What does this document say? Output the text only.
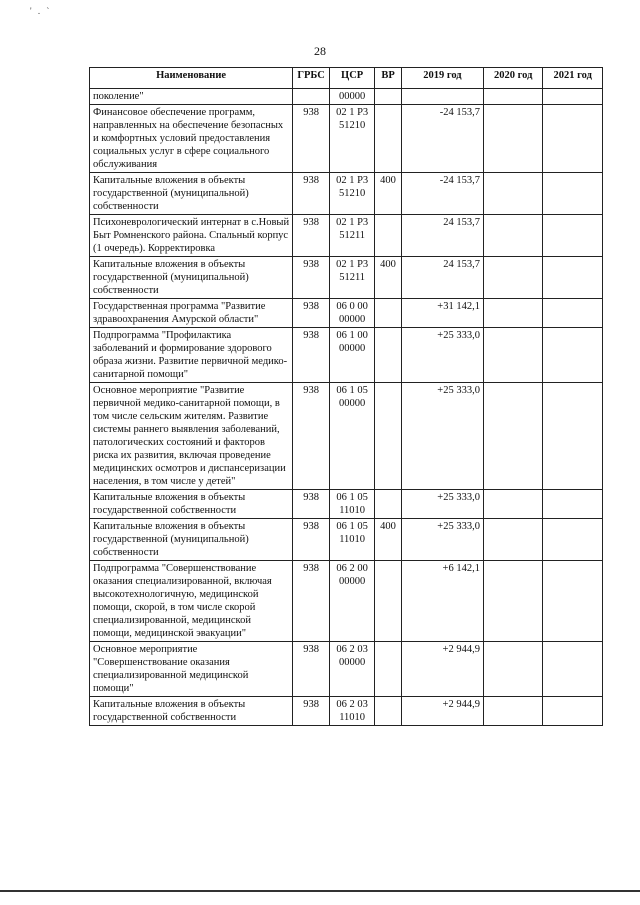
' . `
28
Наименование	ГРБС	ЦСР	ВР	2019 год	2020 год	2021 год
поколение"		00000				
Финансовое обеспечение программ, направленных на обеспечение безопасных и комфортных условий предоставления социальных услуг в сфере социального обслуживания	938	02 1 Р3 51210		-24 153,7		
Капитальные вложения в объекты государственной (муниципальной) собственности	938	02 1 Р3 51210	400	-24 153,7		
Психоневрологический интернат в с.Новый Быт Ромненского района. Спальный корпус (1 очередь). Корректировка	938	02 1 Р3 51211		24 153,7		
Капитальные вложения в объекты государственной (муниципальной) собственности	938	02 1 Р3 51211	400	24 153,7		
Государственная программа "Развитие здравоохранения Амурской области"	938	06 0 00 00000		+31 142,1		
Подпрограмма "Профилактика заболеваний и формирование здорового образа жизни. Развитие первичной медико-санитарной помощи"	938	06 1 00 00000		+25 333,0		
Основное мероприятие "Развитие первичной медико-санитарной помощи, в том числе сельским жителям. Развитие системы раннего выявления заболеваний, патологических состояний и факторов риска их развития, включая проведение медицинских осмотров и диспансеризации населения, в том числе у детей"	938	06 1 05 00000		+25 333,0		
Капитальные вложения в объекты государственной собственности	938	06 1 05 11010		+25 333,0		
Капитальные вложения в объекты государственной (муниципальной) собственности	938	06 1 05 11010	400	+25 333,0		
Подпрограмма "Совершенствование оказания специализированной, включая высокотехнологичную, медицинской помощи, скорой, в том числе скорой специализированной, медицинской помощи, медицинской эвакуации"	938	06 2 00 00000		+6 142,1		
Основное мероприятие "Совершенствование оказания специализированной медицинской помощи"	938	06 2 03 00000		+2 944,9		
Капитальные вложения в объекты государственной собственности	938	06 2 03 11010		+2 944,9		
